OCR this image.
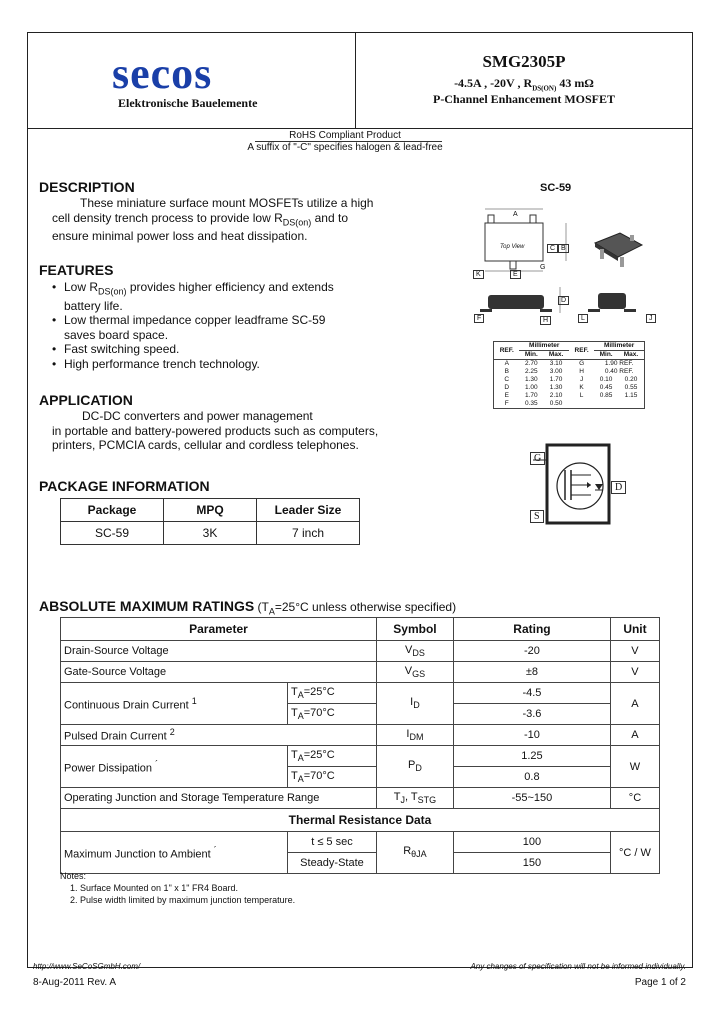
secos
Elektronische Bauelemente
SMG2305P
-4.5A , -20V , $R_{DS(ON)}$ 43 mΩ
P-Channel Enhancement MOSFET
RoHS Compliant Product
A suffix of "-C" specifies halogen & lead-free
DESCRIPTION
These miniature surface mount MOSFETs utilize a high
cell density trench process to provide low $R_{DS(on)}$ and to
ensure minimal power loss and heat dissipation.
FEATURES
• Low $R_{DS(on)}$ provides higher efficiency and extends
battery life.
• Low thermal impedance copper leadframe SC-59
saves board space.
• Fast switching speed.
• High performance trench technology.
APPLICATION
DC-DC converters and power management
in portable and battery-powered products such as computers,
printers, PCMCIA cards, cellular and cordless telephones.
PACKAGE INFORMATION
Package	MPQ	Leader Size
SC-59	3K	7 inch
SC-59
Top View
A
C B
K	E
G
D
F	H	L	J
REF.	Millimeter		REF.	Millimeter	
	Min.	Max.		Min.	Max.
A	2.70	3.10	G	1.90 REF.	
B	2.25	3.00	H	0.40 REF.	
C	1.30	1.70	J	0.10	0.20
D	1.00	1.30	K	0.45	0.55
E	1.70	2.10	L	0.85	1.15
F	0.35	0.50			
G
D
S
ABSOLUTE MAXIMUM RATINGS ($T_A=25^\circ C$ unless otherwise specified)
Parameter		Symbol	Rating	Unit
Drain-Source Voltage		$V_{DS}$	-20	V
Gate-Source Voltage		$V_{GS}$	±8	V
Continuous Drain Current $^1$	$T_A=25^\circ C$	$I_D$	-4.5	A
	$T_A=70^\circ C$		-3.6	
Pulsed Drain Current $^2$		$I_{DM}$	-10	A
Power Dissipation ´	$T_A=25^\circ C$	$P_D$	1.25	W
	$T_A=70^\circ C$		0.8	
Operating Junction and Storage Temperature Range		$T_J$, $T_{STG}$	-55~150	°C
Thermal Resistance Data				
Maximum Junction to Ambient ´	t ≤ 5 sec	$R_{\theta JA}$	100	°C / W
	Steady-State		150	
Notes:
1. Surface Mounted on 1" x 1" FR4 Board.
2. Pulse width limited by maximum junction temperature.
http://www.SeCoSGmbH.com/	Any changes of specification will not be informed individually.
8-Aug-2011 Rev. A	Page 1 of 2
